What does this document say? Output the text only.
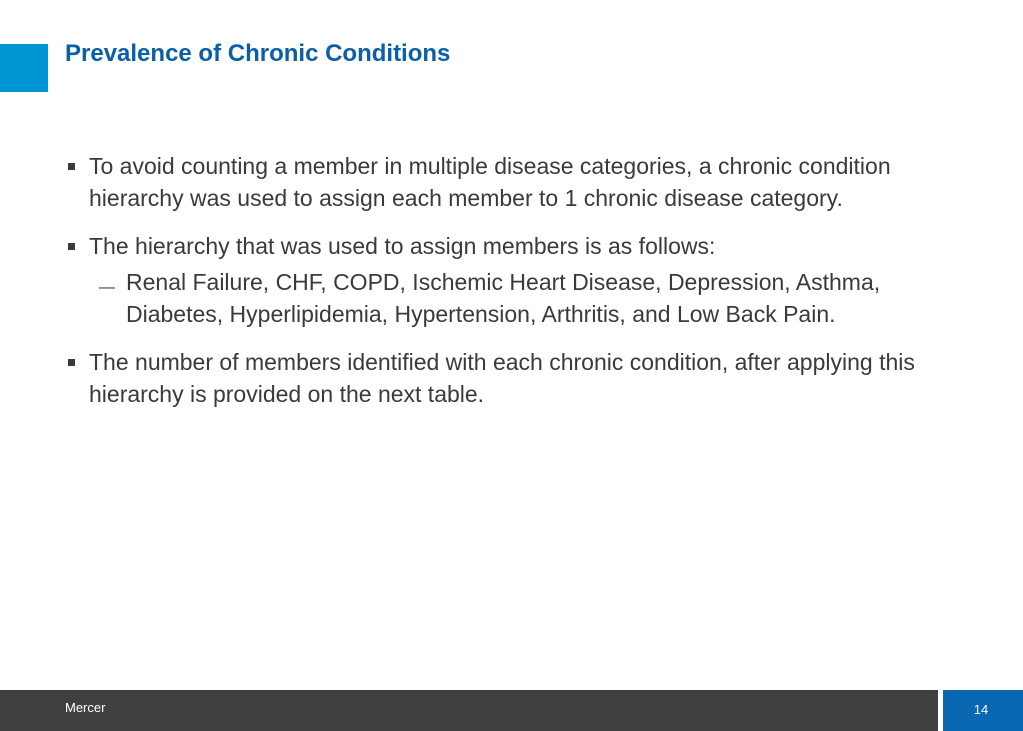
Prevalence of Chronic Conditions
To avoid counting a member in multiple disease categories, a chronic condition hierarchy was used to assign each member to 1 chronic disease category.
The hierarchy that was used to assign members is as follows:
— Renal Failure, CHF, COPD, Ischemic Heart Disease, Depression, Asthma, Diabetes, Hyperlipidemia, Hypertension, Arthritis, and Low Back Pain.
The number of members identified with each chronic condition, after applying this hierarchy is provided on the next table.
Mercer	14
